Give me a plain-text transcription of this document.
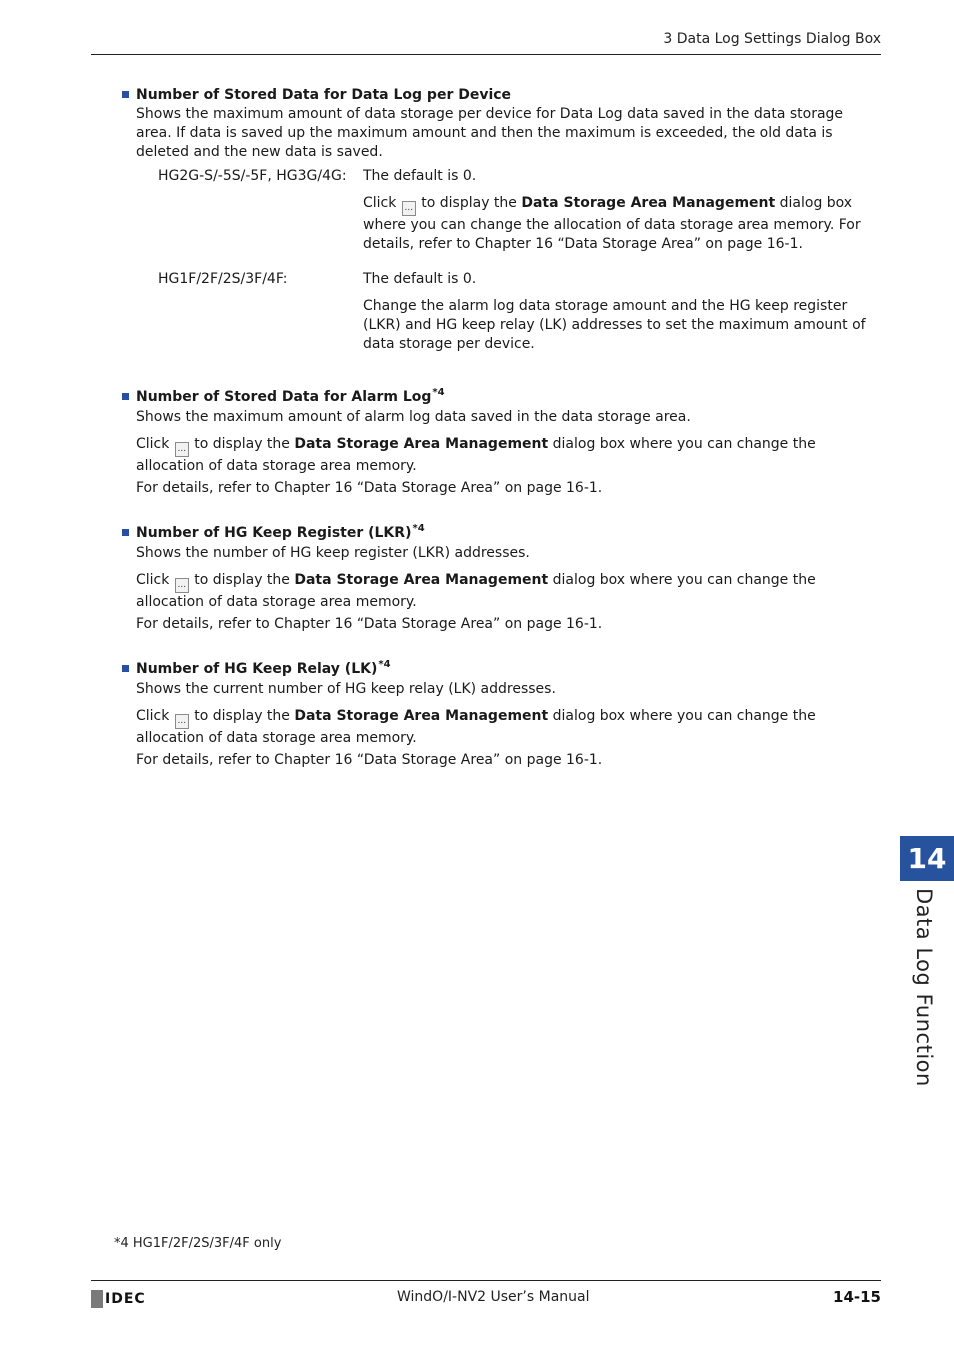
3 Data Log Settings Dialog Box
Number of Stored Data for Data Log per Device

Shows the maximum amount of data storage per device for Data Log data saved in the data storage area. If data is saved up the maximum amount and then the maximum is exceeded, the old data is deleted and the new data is saved.

HG2G-S/-5S/-5F, HG3G/4G:	The default is 0.

Click ... to display the Data Storage Area Management dialog box where you can change the allocation of data storage area memory. For details, refer to Chapter 16 “Data Storage Area” on page 16-1.

HG1F/2F/2S/3F/4F:	The default is 0.

Change the alarm log data storage amount and the HG keep register (LKR) and HG keep relay (LK) addresses to set the maximum amount of data storage per device.

Number of Stored Data for Alarm Log *4

Shows the maximum amount of alarm log data saved in the data storage area.

Click ... to display the Data Storage Area Management dialog box where you can change the allocation of data storage area memory.

For details, refer to Chapter 16 “Data Storage Area” on page 16-1.

Number of HG Keep Register (LKR) *4

Shows the number of HG keep register (LKR) addresses.

Click ... to display the Data Storage Area Management dialog box where you can change the allocation of data storage area memory.

For details, refer to Chapter 16 “Data Storage Area” on page 16-1.

Number of HG Keep Relay (LK) *4

Shows the current number of HG keep relay (LK) addresses.

Click ... to display the Data Storage Area Management dialog box where you can change the allocation of data storage area memory.

For details, refer to Chapter 16 “Data Storage Area” on page 16-1.

14
Data Log Function
*4 HG1F/2F/2S/3F/4F only
IDEC	WindO/I-NV2 User’s Manual	14-15
